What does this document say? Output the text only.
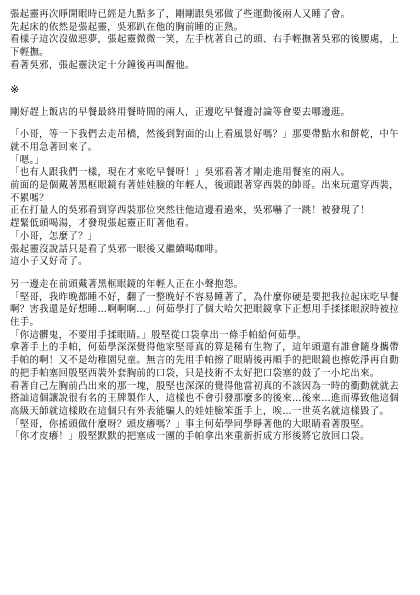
張起靈再次睜開眼時已經是九點多了，剛剛跟吳邪做了些運動後兩人又睡了會。

先起床的依然是張起靈，吳邪趴在他的胸前睡的正熟。

看樣子這次沒做惡夢，張起靈微微一笑，左手枕著自己的頭、右手輕撫著吳邪的後腰處，上下輕撫。

看著吳邪，張起靈決定十分鐘後再叫醒他。

※

剛好趕上飯店的早餐最終用餐時間的兩人，正邊吃早餐邊討論等會要去哪邊逛。

「小哥，等一下我們去走吊橋，然後到對面的山上看風景好嗎？」那要帶點水和餅乾，中午就不用急著回來了。

「嗯。」

「也有人跟我們一樣，現在才來吃早餐呀！」吳邪看著才剛走進用餐室的兩人。

前面的是個戴著黑框眼鏡有著娃娃臉的年輕人，後頭跟著穿西裝的帥哥。出來玩還穿西裝，不累嗎？

正在打量人的吳邪看到穿西裝那位突然往他這邊看過來，吳邪嚇了一跳！被發現了！

趕緊低頭喝湯，才發現張起靈正盯著他看。

「小哥，怎麼了？」

張起靈沒說話只是看了吳邪一眼後又繼續喝咖啡。

這小子又好奇了。

另一邊走在前頭戴著黑框眼鏡的年輕人正在小聲抱怨。

「堅哥，我昨晚都睡不好，翻了一整晚好不容易睡著了，為什麼你硬是要把我拉起床吃早餐啊？害我還是好想睡…啊啊啊…」何茹學打了個大哈欠把眼鏡拿下正想用手揉揉眼淚時被拉住手。

「你這髒鬼，不要用手揉眼睛。」殷堅從口袋拿出一條手帕給何茹學。

拿著手上的手帕，何茹學深深覺得他家堅哥真的算是稀有生物了，這年頭還有誰會隨身攜帶手帕的啊！又不是幼稚園兒童。無言的先用手帕擦了眼睛後再順手的把眼鏡也擦乾淨再自動的把手帕塞回殷堅西裝外套胸前的口袋，只是技術不太好把口袋塞的鼓了一小坨出來。

看著自己左胸前凸出來的那一塊，殷堅也深深的覺得他當初真的不該因為一時的衝動就就去搭訕這個讓說很有名的王牌製作人，這樣也不會引發那麼多的後來…後來…進而導致他這個高級天師就這樣敗在這個只有外表能騙人的娃娃臉笨蛋手上，唉…一世英名就這樣毀了。

「堅哥，你搖頭做什麼呀？頭皮癢嗎？」事主何茹學同學睜著他的大眼睛看著殷堅。

「你才皮癢！」殷堅默默的把塞成一團的手帕拿出來重新折成方形後將它放回口袋。
